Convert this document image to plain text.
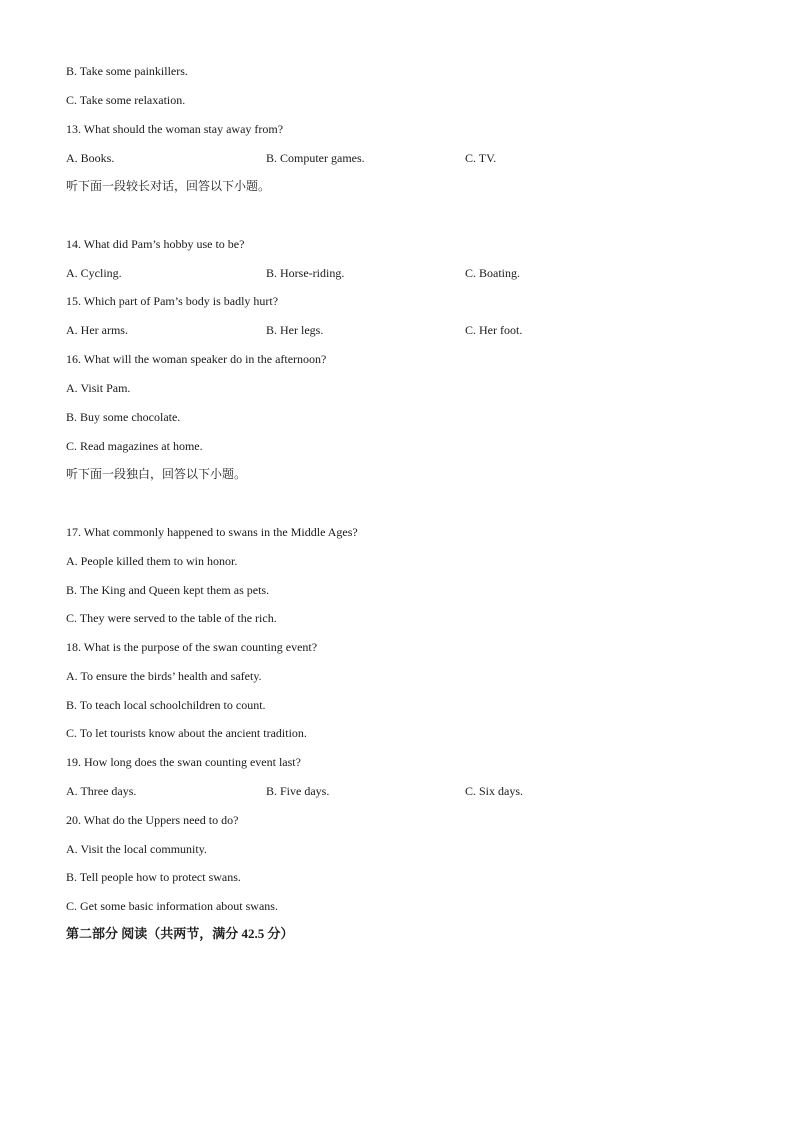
B. Take some painkillers.
C. Take some relaxation.
13. What should the woman stay away from?
A. Books.	B. Computer games.	C. TV.
听下面一段较长对话，回答以下小题。
14. What did Pam’s hobby use to be?
A. Cycling.	B. Horse-riding.	C. Boating.
15. Which part of Pam’s body is badly hurt?
A. Her arms.	B. Her legs.	C. Her foot.
16. What will the woman speaker do in the afternoon?
A. Visit Pam.
B. Buy some chocolate.
C. Read magazines at home.
听下面一段独白，回答以下小题。
17. What commonly happened to swans in the Middle Ages?
A. People killed them to win honor.
B. The King and Queen kept them as pets.
C. They were served to the table of the rich.
18. What is the purpose of the swan counting event?
A. To ensure the birds’ health and safety.
B. To teach local schoolchildren to count.
C. To let tourists know about the ancient tradition.
19. How long does the swan counting event last?
A. Three days.	B. Five days.	C. Six days.
20. What do the Uppers need to do?
A. Visit the local community.
B. Tell people how to protect swans.
C. Get some basic information about swans.
第二部分 阅读（共两节，满分 42.5 分）
